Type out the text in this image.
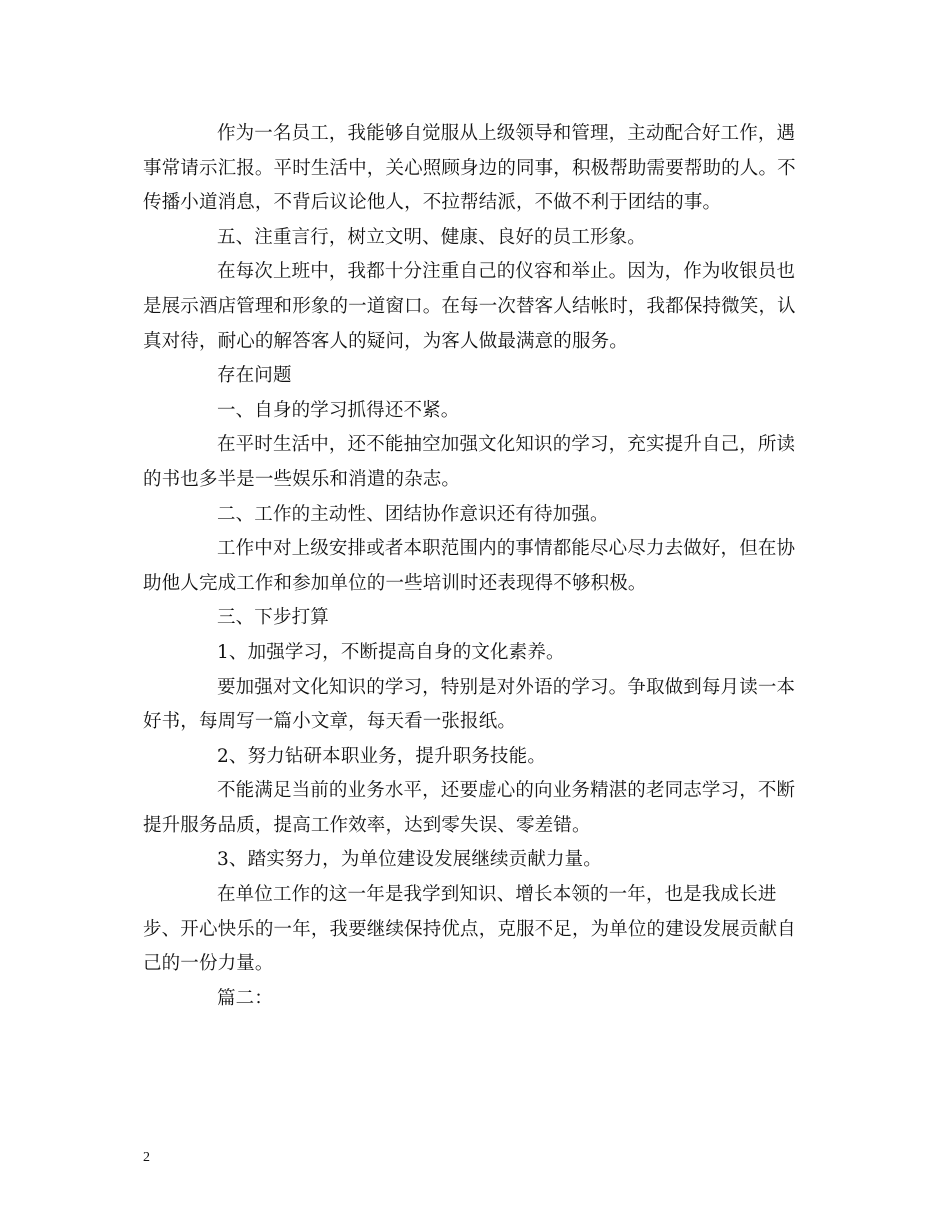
作为一名员工，我能够自觉服从上级领导和管理，主动配合好工作，遇事常请示汇报。平时生活中，关心照顾身边的同事，积极帮助需要帮助的人。不传播小道消息，不背后议论他人，不拉帮结派，不做不利于团结的事。

五、注重言行，树立文明、健康、良好的员工形象。

在每次上班中，我都十分注重自己的仪容和举止。因为，作为收银员也是展示酒店管理和形象的一道窗口。在每一次替客人结帐时，我都保持微笑，认真对待，耐心的解答客人的疑问，为客人做最满意的服务。

存在问题

一、自身的学习抓得还不紧。

在平时生活中，还不能抽空加强文化知识的学习，充实提升自己，所读的书也多半是一些娱乐和消遣的杂志。

二、工作的主动性、团结协作意识还有待加强。

工作中对上级安排或者本职范围内的事情都能尽心尽力去做好，但在协助他人完成工作和参加单位的一些培训时还表现得不够积极。

三、下步打算

1、加强学习，不断提高自身的文化素养。

要加强对文化知识的学习，特别是对外语的学习。争取做到每月读一本好书，每周写一篇小文章，每天看一张报纸。

2、努力钻研本职业务，提升职务技能。

不能满足当前的业务水平，还要虚心的向业务精湛的老同志学习，不断提升服务品质，提高工作效率，达到零失误、零差错。

3、踏实努力，为单位建设发展继续贡献力量。

在单位工作的这一年是我学到知识、增长本领的一年，也是我成长进步、开心快乐的一年，我要继续保持优点，克服不足，为单位的建设发展贡献自己的一份力量。

篇二：

2
